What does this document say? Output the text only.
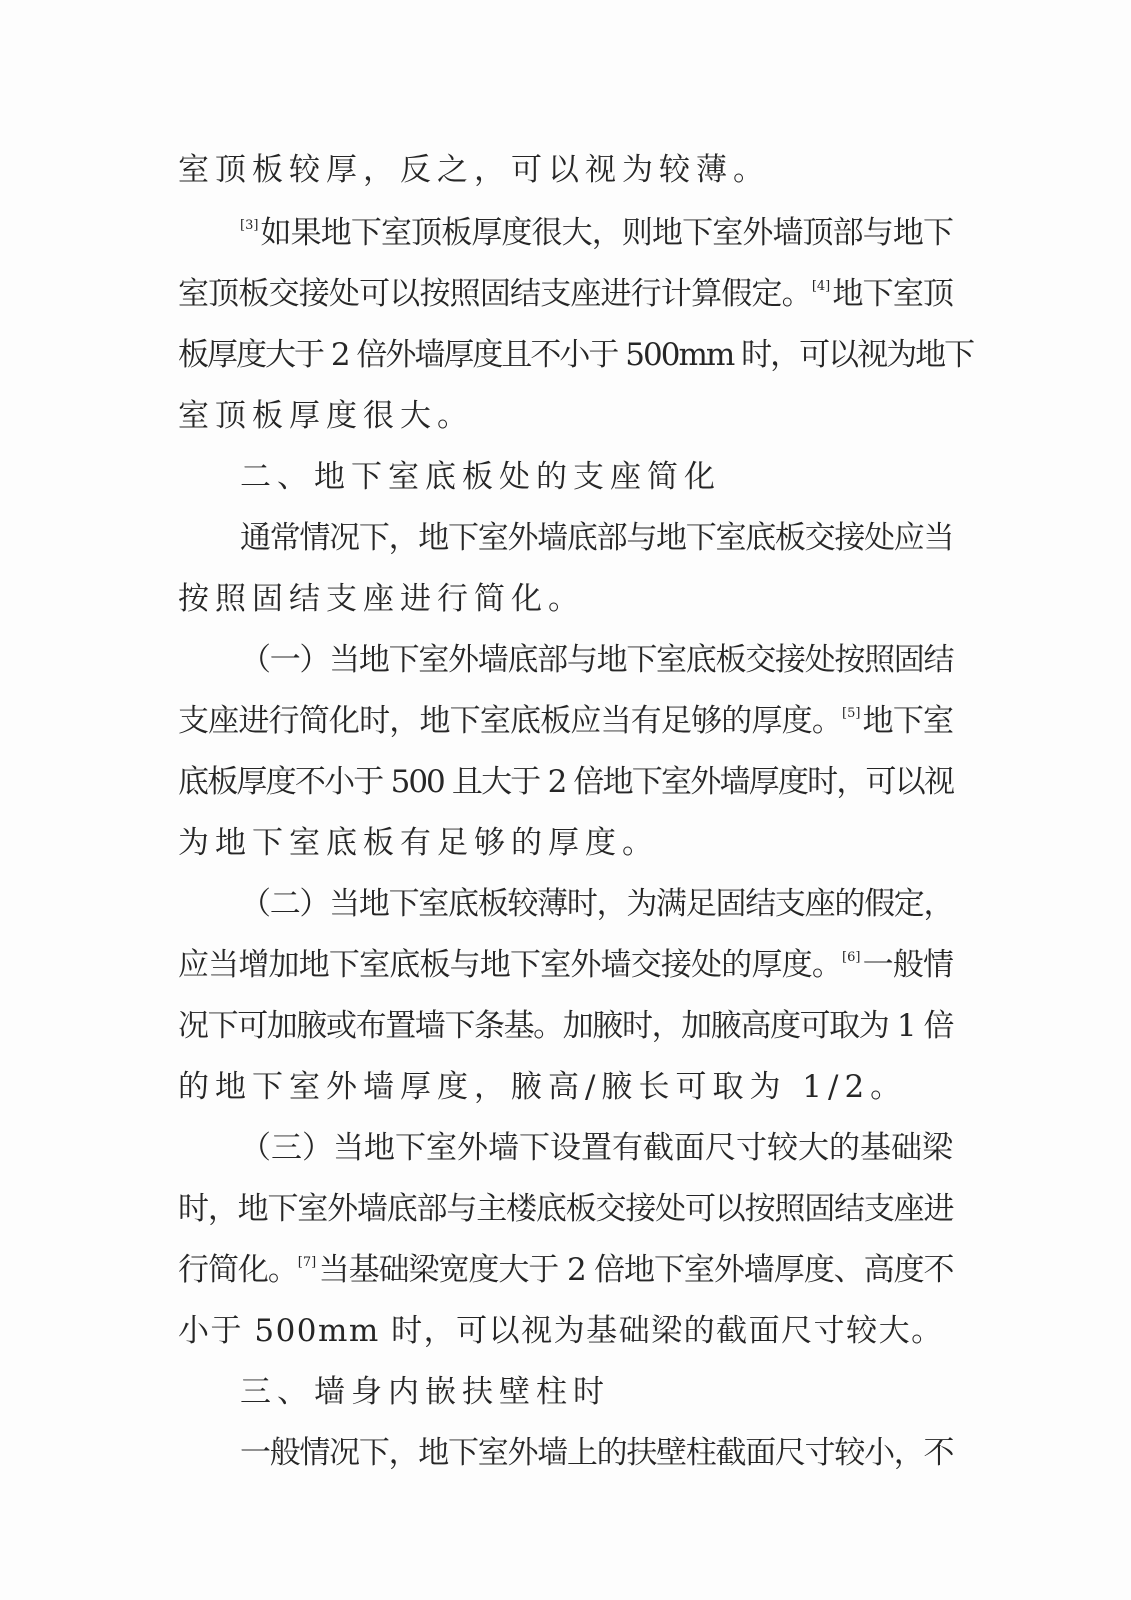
室顶板较厚，反之，可以视为较薄。
[3]如果地下室顶板厚度很大，则地下室外墙顶部与地下
室顶板交接处可以按照固结支座进行计算假定。[4]地下室顶
板厚度大于 2 倍外墙厚度且不小于 500mm 时，可以视为地下
室顶板厚度很大。
二、地下室底板处的支座简化
通常情况下，地下室外墙底部与地下室底板交接处应当
按照固结支座进行简化。
（一）当地下室外墙底部与地下室底板交接处按照固结
支座进行简化时，地下室底板应当有足够的厚度。[5]地下室
底板厚度不小于 500 且大于 2 倍地下室外墙厚度时，可以视
为地下室底板有足够的厚度。
（二）当地下室底板较薄时，为满足固结支座的假定，
应当增加地下室底板与地下室外墙交接处的厚度。[6]一般情
况下可加腋或布置墙下条基。加腋时，加腋高度可取为 1 倍
的地下室外墙厚度，腋高/腋长可取为 1/2。
（三）当地下室外墙下设置有截面尺寸较大的基础梁
时，地下室外墙底部与主楼底板交接处可以按照固结支座进
行简化。[7]当基础梁宽度大于 2 倍地下室外墙厚度、高度不
小于 500mm 时，可以视为基础梁的截面尺寸较大。
三、墙身内嵌扶壁柱时
一般情况下，地下室外墙上的扶壁柱截面尺寸较小，不
